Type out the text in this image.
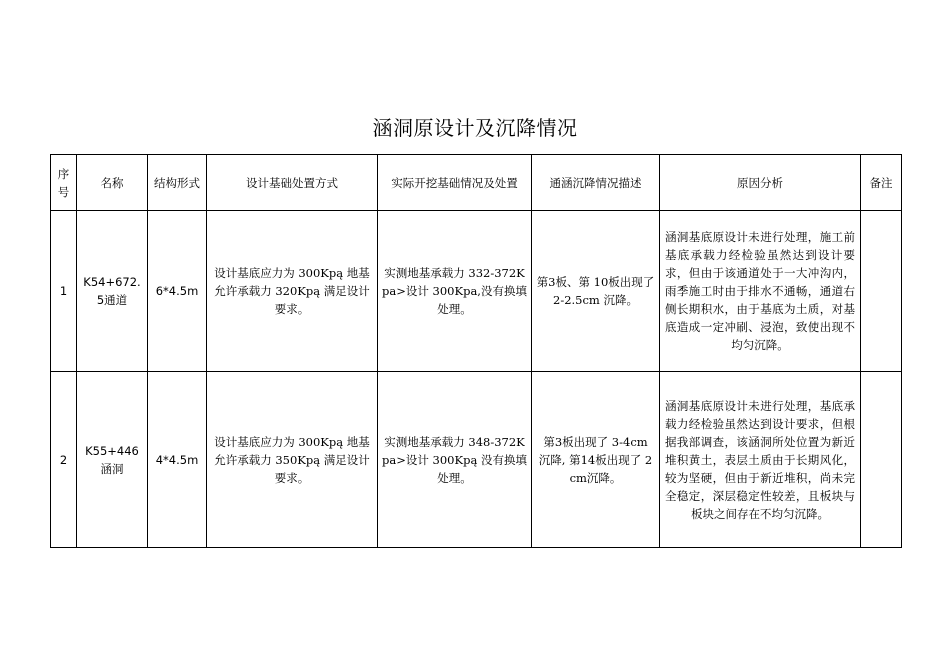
涵洞原设计及沉降情况
序号	名称	结构形式	设计基础处置方式	实际开挖基础情况及处置	通涵沉降情况描述	原因分析	备注
1	K54+672.5通道	6*4.5m	设计基底应力为 300Kpą 地基允许承载力 320Kpą 满足设计要求。	实测地基承载力 332-372Kpa>设计 300Kpa,没有换填处理。	第3板、第 10板出现了2-2.5cm 沉降。	涵洞基底原设计未进行处理，施工前基底承载力经检验虽然达到设计要求，但由于该通道处于一大冲沟内，雨季施工时由于排水不通畅，通道右侧长期积水，由于基底为土质，对基底造成一定冲刷、浸泡，致使出现不均匀沉降。	
2	K55+446 涵洞	4*4.5m	设计基底应力为 300Kpą 地基允许承载力 350Kpą 满足设计要求。	实测地基承载力 348-372Kpa>设计 300Kpą 没有换填处理。	第3板出现了 3-4cm 沉降, 第14板出现了 2cm沉降。	涵洞基底原设计未进行处理，基底承载力经检验虽然达到设计要求，但根据我部调查，该涵洞所处位置为新近堆积黄土，表层土质由于长期风化，较为坚硬，但由于新近堆积，尚未完全稳定，深层稳定性较差，且板块与板块之间存在不均匀沉降。	
